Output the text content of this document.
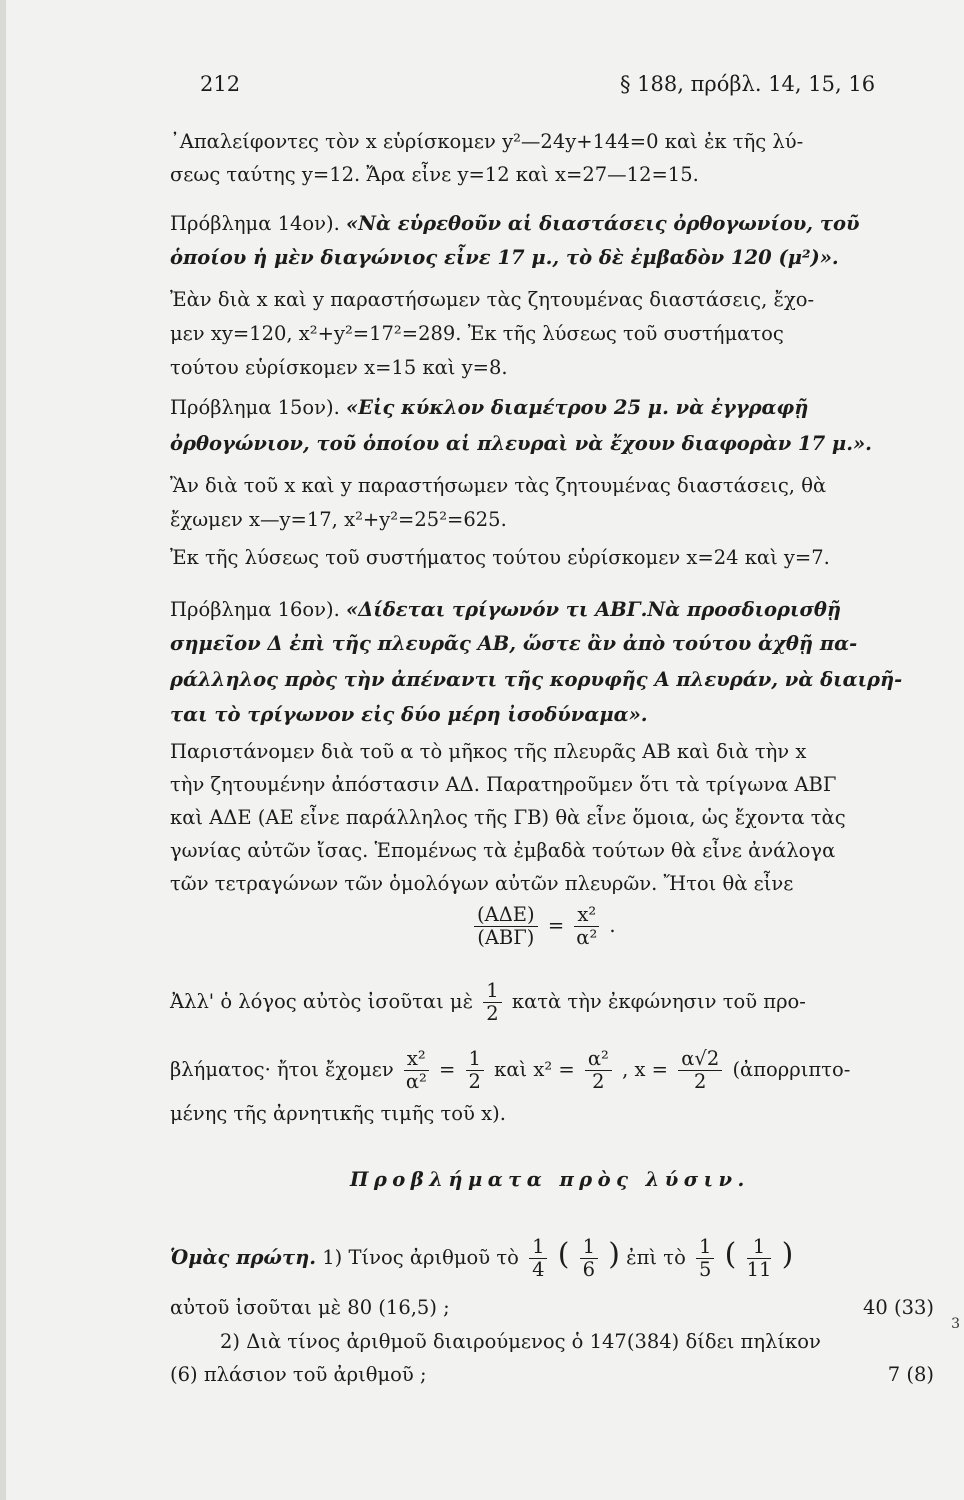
212	§ 188, πρόβλ. 14, 15, 16
᾿Απαλείφοντες τὸν x εὑρίσκομεν y²—24y+144=0 καὶ ἐκ τῆς λύ-
σεως ταύτης y=12. Ἄρα εἶνε y=12 καὶ x=27—12=15.
Πρόβλημα 14ον). «Νὰ εὑρεθοῦν αἱ διαστάσεις ὀρθογωνίου, τοῦ
ὁποίου ἡ μὲν διαγώνιος εἶνε 17 μ., τὸ δὲ ἐμβαδὸν 120 (μ²)».
Ἐὰν διὰ x καὶ y παραστήσωμεν τὰς ζητουμένας διαστάσεις, ἔχο-
μεν xy=120, x²+y²=17²=289. Ἐκ τῆς λύσεως τοῦ συστήματος
τούτου εὑρίσκομεν x=15 καὶ y=8.
Πρόβλημα 15ον). «Εἰς κύκλον διαμέτρου 25 μ. νὰ ἐγγραφῇ
ὀρθογώνιον, τοῦ ὁποίου αἱ πλευραὶ νὰ ἔχουν διαφορὰν 17 μ.».
Ἂν διὰ τοῦ x καὶ y παραστήσωμεν τὰς ζητουμένας διαστάσεις, θὰ
ἔχωμεν x—y=17, x²+y²=25²=625.
Ἐκ τῆς λύσεως τοῦ συστήματος τούτου εὑρίσκομεν x=24 καὶ y=7.
Πρόβλημα 16ον). «Δίδεται τρίγωνόν τι ΑΒΓ.Νὰ προσδιορισθῇ
σημεῖον Δ ἐπὶ τῆς πλευρᾶς ΑΒ, ὥστε ἂν ἀπὸ τούτου ἀχθῇ πα-
ράλληλος πρὸς τὴν ἀπέναντι τῆς κορυφῆς Α πλευράν, νὰ διαιρῆ-
ται τὸ τρίγωνον εἰς δύο μέρη ἰσοδύναμα».
Παριστάνομεν διὰ τοῦ α τὸ μῆκος τῆς πλευρᾶς ΑΒ καὶ διὰ τὴν x
τὴν ζητουμένην ἀπόστασιν ΑΔ. Παρατηροῦμεν ὅτι τὰ τρίγωνα ΑΒΓ
καὶ ΑΔΕ (ΑΕ εἶνε παράλληλος τῆς ΓΒ) θὰ εἶνε ὅμοια, ὡς ἔχοντα τὰς
γωνίας αὐτῶν ἴσας. Ἑπομένως τὰ ἐμβαδὰ τούτων θὰ εἶνε ἀνάλογα
τῶν τετραγώνων τῶν ὁμολόγων αὐτῶν πλευρῶν. Ἤτοι θὰ εἶνε
$\frac{\text{(ΑΔΕ)}}{\text{(ΑΒΓ)}} = \frac{\text{x²}}{\text{α²}}$ .
Ἀλλ' ὁ λόγος αὐτὸς ἰσοῦται μὲ $\frac{1}{2}$ κατὰ τὴν ἐκφώνησιν τοῦ προ-
βλήματος· ἤτοι ἔχομεν $\frac{\text{x²}}{\text{α²}} = \frac{1}{2}$ καὶ $x^2 = \frac{\text{α²}}{2}$ , $x = \frac{\alpha√2}{2}$ (ἀπορριπτο-
μένης τῆς ἀρνητικῆς τιμῆς τοῦ x).
Προβλήματα πρὸς λύσιν.
Ὁμὰς πρώτη. 1) Τίνος ἀριθμοῦ τὸ $\frac{1}{4}$ ( $\frac{1}{6}$ ) ἐπὶ τὸ $\frac{1}{5}$ ( $\frac{1}{11}$ )
αὐτοῦ ἰσοῦται μὲ 80 (16,5) ;	40 (33)
2) Διὰ τίνος ἀριθμοῦ διαιρούμενος ὁ 147(384) δίδει πηλίκον
3
(6) πλάσιον τοῦ ἀριθμοῦ ;	7 (8)
